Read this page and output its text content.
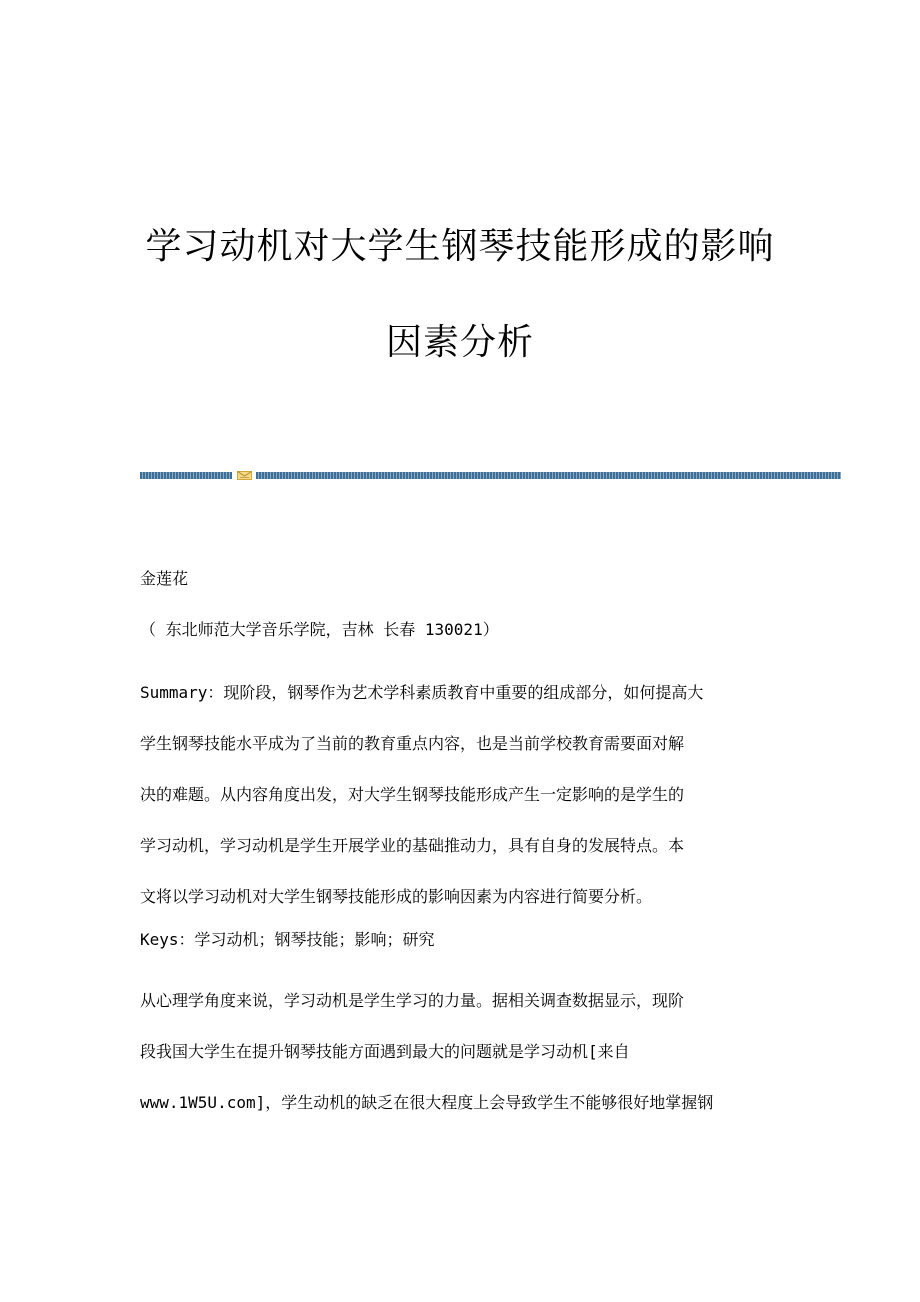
学习动机对大学生钢琴技能形成的影响
因素分析
金莲花
（ 东北师范大学音乐学院，吉林 长春 130021）
Summary：现阶段，钢琴作为艺术学科素质教育中重要的组成部分，如何提高大
学生钢琴技能水平成为了当前的教育重点内容，也是当前学校教育需要面对解
决的难题。从内容角度出发，对大学生钢琴技能形成产生一定影响的是学生的
学习动机，学习动机是学生开展学业的基础推动力，具有自身的发展特点。本
文将以学习动机对大学生钢琴技能形成的影响因素为内容进行简要分析。
Keys：学习动机；钢琴技能；影响；研究
从心理学角度来说，学习动机是学生学习的力量。据相关调查数据显示，现阶
段我国大学生在提升钢琴技能方面遇到最大的问题就是学习动机[来自
www.1W5U.com]，学生动机的缺乏在很大程度上会导致学生不能够很好地掌握钢
